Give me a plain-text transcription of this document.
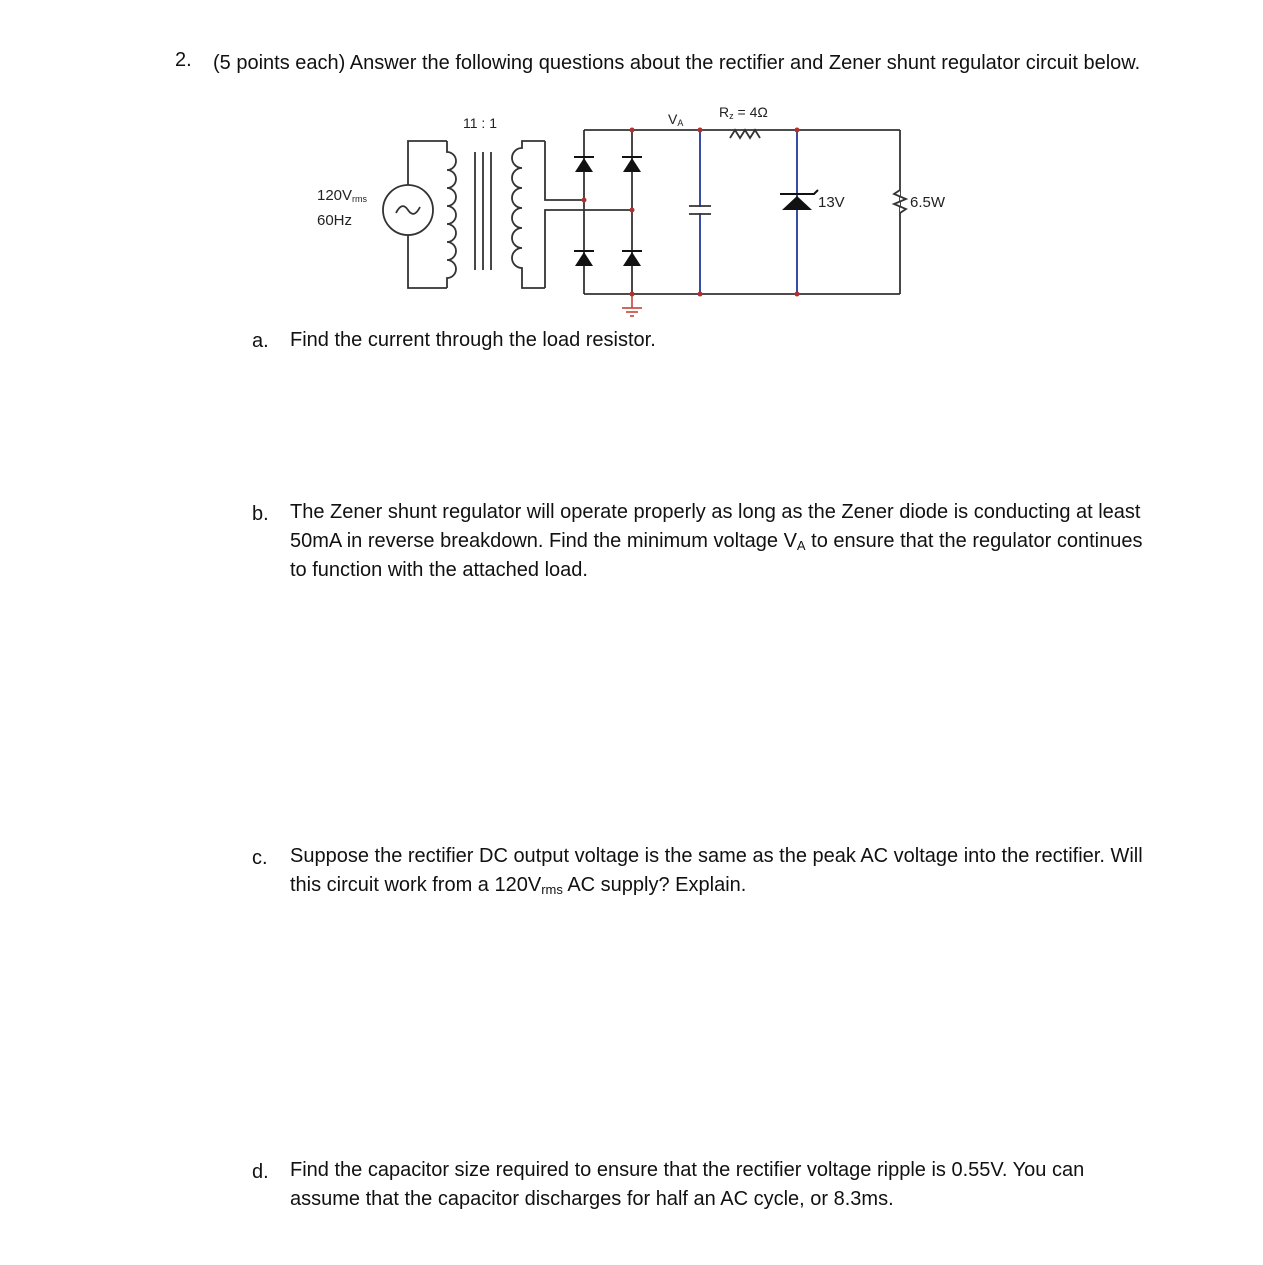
2. (5 points each) Answer the following questions about the rectifier and Zener shunt regulator circuit below.
11 : 1	VA
Rz = 4Ω
120Vrms
60Hz
13V	6.5W
a. Find the current through the load resistor.
b. The Zener shunt regulator will operate properly as long as the Zener diode is conducting at least 50mA in reverse breakdown. Find the minimum voltage $V_A$ to ensure that the regulator continues to function with the attached load.
c. Suppose the rectifier DC output voltage is the same as the peak AC voltage into the rectifier. Will this circuit work from a $120V_{rms}$ AC supply? Explain.
d. Find the capacitor size required to ensure that the rectifier voltage ripple is 0.55V. You can assume that the capacitor discharges for half an AC cycle, or 8.3ms.
